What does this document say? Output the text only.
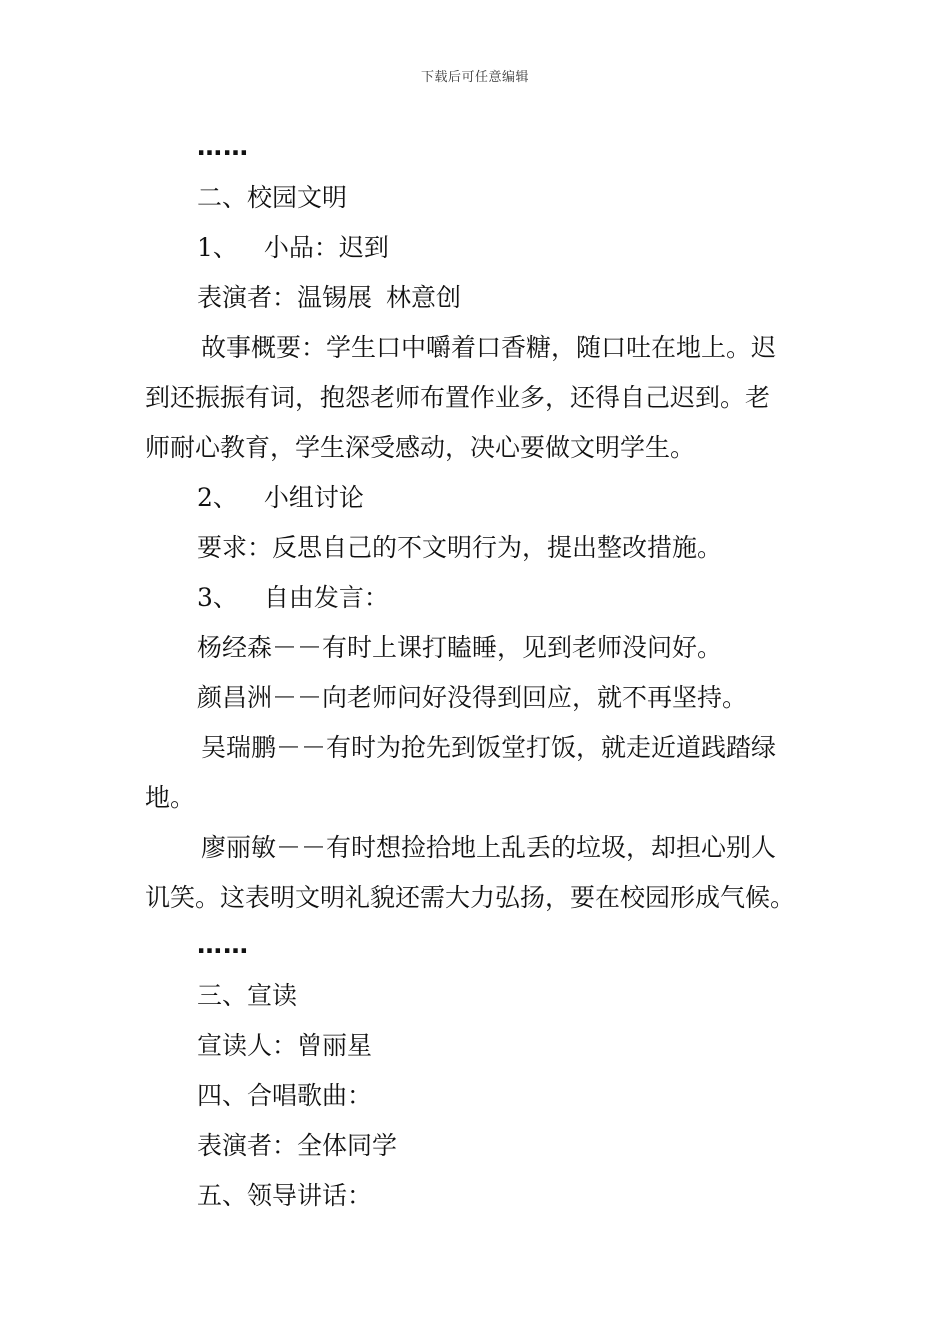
下载后可任意编辑
……
二、校园文明
1、 小品：迟到
表演者：温锡展 林意创
故事概要：学生口中嚼着口香糖，随口吐在地上。迟
到还振振有词，抱怨老师布置作业多，还得自己迟到。老
师耐心教育，学生深受感动，决心要做文明学生。
2、 小组讨论
要求：反思自己的不文明行为，提出整改措施。
3、 自由发言：
杨经森－－有时上课打瞌睡，见到老师没问好。
颜昌洲－－向老师问好没得到回应，就不再坚持。
吴瑞鹏－－有时为抢先到饭堂打饭，就走近道践踏绿
地。
廖丽敏－－有时想捡拾地上乱丢的垃圾，却担心别人
讥笑。这表明文明礼貌还需大力弘扬，要在校园形成气候。
……
三、宣读
宣读人：曾丽星
四、合唱歌曲：
表演者：全体同学
五、领导讲话：
